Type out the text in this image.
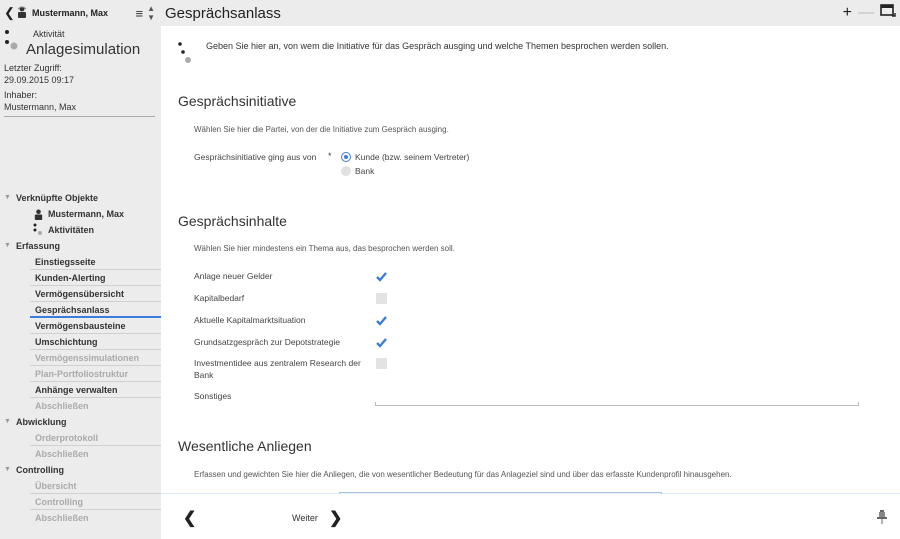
❮ Mustermann, Max ≡ ▲
▼
Aktivität
Anlagesimulation
Letzter Zugriff:
29.09.2015 09:17
Inhaber:
Mustermann, Max
▼ Verknüpfte Objekte
Mustermann, Max
Aktivitäten
▼ Erfassung
Einstiegsseite
Kunden-Alerting
Vermögensübersicht
Gesprächsanlass
Vermögensbausteine
Umschichtung
Vermögenssimulationen
Plan-Portfoliostruktur
Anhänge verwalten
Abschließen
▼ Abwicklung
Orderprotokoll
Abschließen
▼ Controlling
Übersicht
Controlling
Abschließen
Gesprächsanlass	+ —
Geben Sie hier an, von wem die Initiative für das Gespräch ausging und welche Themen besprochen werden sollen.
Gesprächsinitiative
Wählen Sie hier die Partei, von der die Initiative zum Gespräch ausging.
Gesprächsinitiative ging aus von *	Kunde (bzw. seinem Vertreter)
Bank
Gesprächsinhalte
Wählen Sie hier mindestens ein Thema aus, das besprochen werden soll.
Anlage neuer Gelder
Kapitalbedarf
Aktuelle Kapitalmarktsituation
Grundsatzgespräch zur Depotstrategie
Investmentidee aus zentralem Research der Bank
Sonstiges
Wesentliche Anliegen
Erfassen und gewichten Sie hier die Anliegen, die von wesentlicher Bedeutung für das Anlageziel sind und über das erfasste Kundenprofil hinausgehen.
❮	Weiter ❯
